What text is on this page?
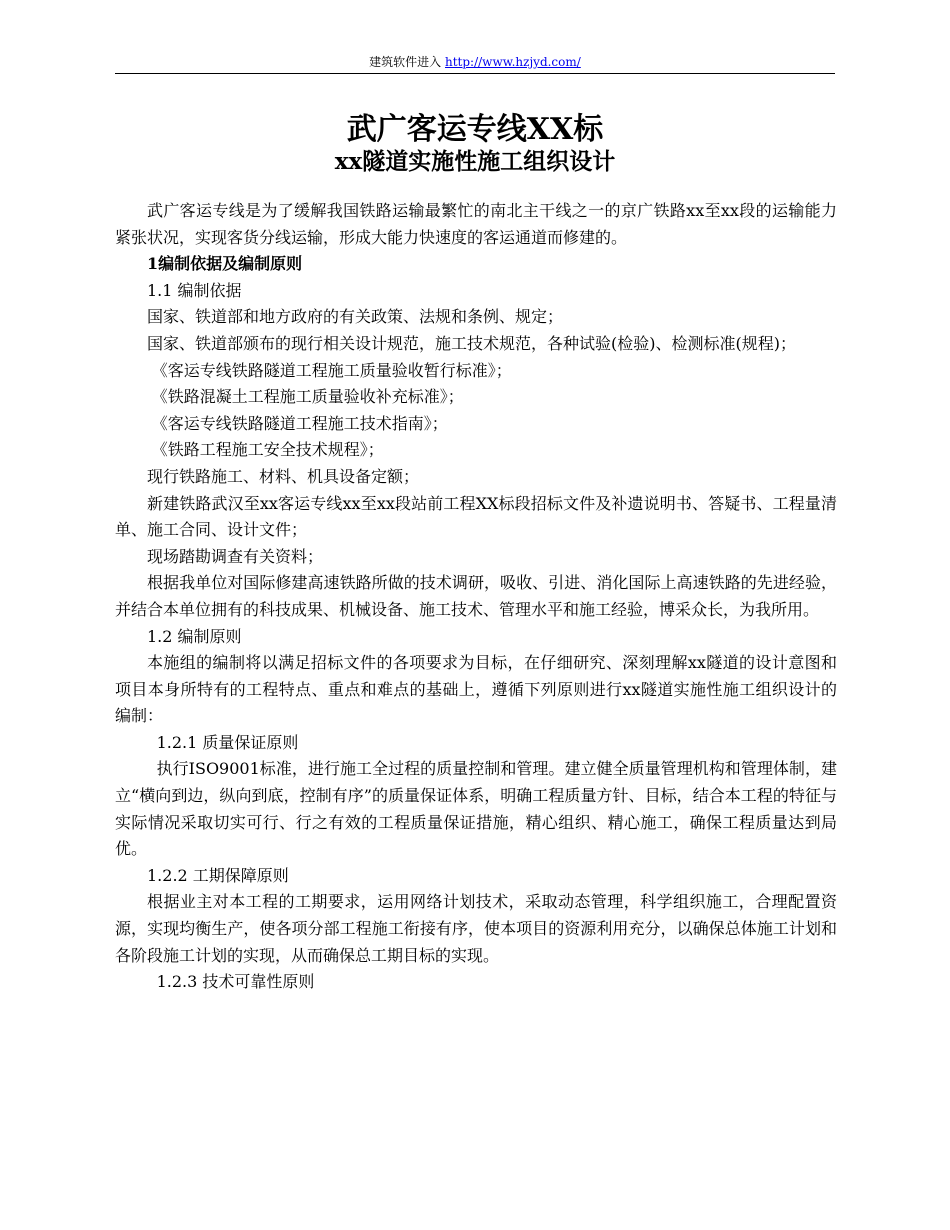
建筑软件进入 http://www.hzjyd.com/
武广客运专线XX标
xx隧道实施性施工组织设计

武广客运专线是为了缓解我国铁路运输最繁忙的南北主干线之一的京广铁路xx至xx段的运输能力紧张状况，实现客货分线运输，形成大能力快速度的客运通道而修建的。

1编制依据及编制原则

1.1 编制依据

国家、铁道部和地方政府的有关政策、法规和条例、规定；

国家、铁道部颁布的现行相关设计规范，施工技术规范，各种试验(检验)、检测标准(规程)；

《客运专线铁路隧道工程施工质量验收暂行标准》；

《铁路混凝土工程施工质量验收补充标准》；

《客运专线铁路隧道工程施工技术指南》；

《铁路工程施工安全技术规程》；

现行铁路施工、材料、机具设备定额；

新建铁路武汉至xx客运专线xx至xx段站前工程XX标段招标文件及补遗说明书、答疑书、工程量清单、施工合同、设计文件；

现场踏勘调查有关资料；

根据我单位对国际修建高速铁路所做的技术调研，吸收、引进、消化国际上高速铁路的先进经验，并结合本单位拥有的科技成果、机械设备、施工技术、管理水平和施工经验，博采众长，为我所用。

1.2 编制原则

本施组的编制将以满足招标文件的各项要求为目标，在仔细研究、深刻理解xx隧道的设计意图和项目本身所特有的工程特点、重点和难点的基础上，遵循下列原则进行xx隧道实施性施工组织设计的编制：

1.2.1 质量保证原则

执行ISO9001标准，进行施工全过程的质量控制和管理。建立健全质量管理机构和管理体制，建立“横向到边，纵向到底，控制有序”的质量保证体系，明确工程质量方针、目标，结合本工程的特征与实际情况采取切实可行、行之有效的工程质量保证措施，精心组织、精心施工，确保工程质量达到局优。

1.2.2 工期保障原则

根据业主对本工程的工期要求，运用网络计划技术，采取动态管理，科学组织施工，合理配置资源，实现均衡生产，使各项分部工程施工衔接有序，使本项目的资源利用充分，以确保总体施工计划和各阶段施工计划的实现，从而确保总工期目标的实现。

1.2.3 技术可靠性原则
